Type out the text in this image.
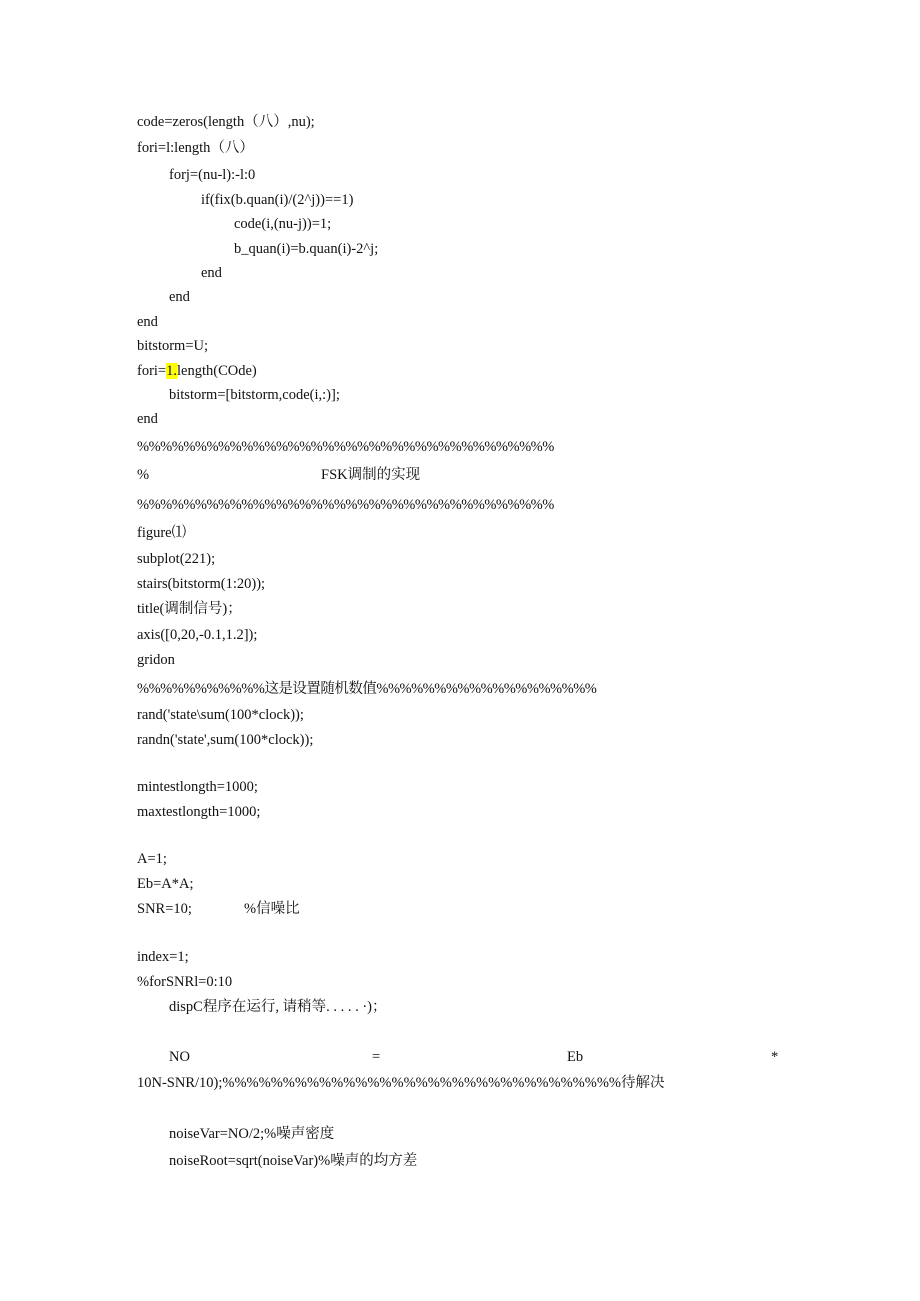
code=zeros(length（八）,nu);
fori=l:length（八）
forj=(nu-l):-l:0
if(fix(b.quan(i)/(2^j))==1)
code(i,(nu-j))=1;
b_quan(i)=b.quan(i)-2^j;
end
end
end
bitstorm=U;
fori=1.length(COde)
bitstorm=[bitstorm,code(i,:)];
end
%%%%%%%%%%%%%%%%%%%%%%%%%%%%%%%%%%%%
%	FSK调制的实现
%%%%%%%%%%%%%%%%%%%%%%%%%%%%%%%%%%%%
figure⑴
subplot(221);
stairs(bitstorm(1:20));
title(调制信号)；
axis([0,20,-0.1,1.2]);
gridon
%%%%%%%%%%%这是设置随机数值%%%%%%%%%%%%%%%%%%%
rand('state\sum(100*clock));
randn('state',sum(100*clock));
mintestlongth=1000;
maxtestlongth=1000;
A=1;
Eb=A*A;
SNR=10;	%信噪比
index=1;
%forSNRl=0:10
dispC程序在运行, 请稍等. . . . . ·)；
NO	=	Eb	*
10N-SNR/10);%%%%%%%%%%%%%%%%%%%%%%%%%%%%%%%%%待解决
noiseVar=NO/2;%噪声密度
noiseRoot=sqrt(noiseVar)%噪声的均方差
